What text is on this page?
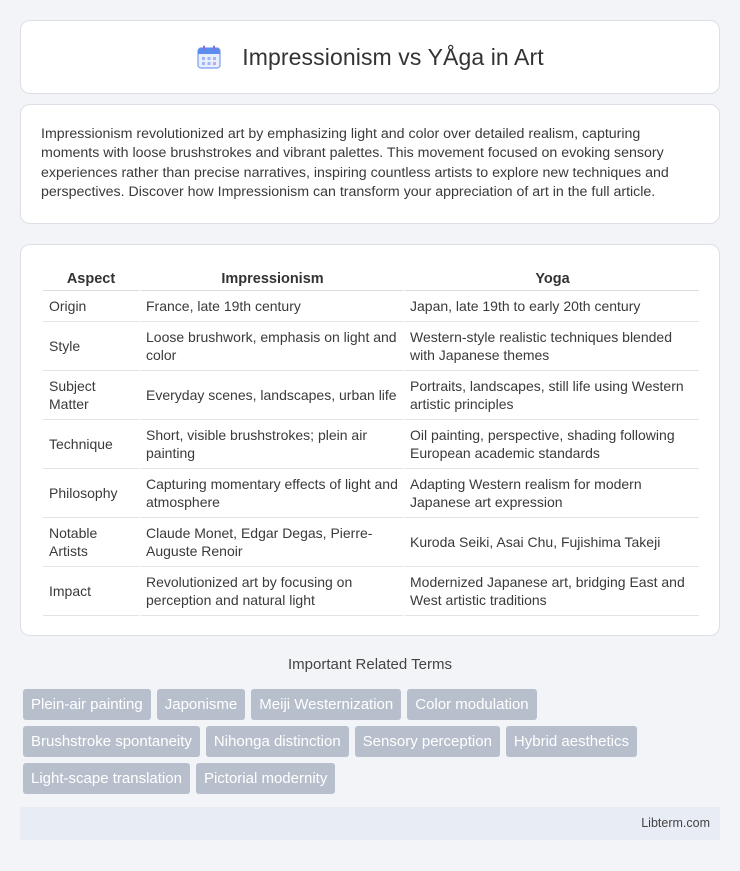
Impressionism vs YÅga in Art

Impressionism revolutionized art by emphasizing light and color over detailed realism, capturing moments with loose brushstrokes and vibrant palettes. This movement focused on evoking sensory experiences rather than precise narratives, inspiring countless artists to explore new techniques and perspectives. Discover how Impressionism can transform your appreciation of art in the full article.

Aspect	Impressionism	Yoga
Origin	France, late 19th century	Japan, late 19th to early 20th century
Style	Loose brushwork, emphasis on light and color	Western-style realistic techniques blended with Japanese themes
Subject Matter	Everyday scenes, landscapes, urban life	Portraits, landscapes, still life using Western artistic principles
Technique	Short, visible brushstrokes; plein air painting	Oil painting, perspective, shading following European academic standards
Philosophy	Capturing momentary effects of light and atmosphere	Adapting Western realism for modern Japanese art expression
Notable Artists	Claude Monet, Edgar Degas, Pierre-Auguste Renoir	Kuroda Seiki, Asai Chu, Fujishima Takeji
Impact	Revolutionized art by focusing on perception and natural light	Modernized Japanese art, bridging East and West artistic traditions
Important Related Terms
Plein-air painting	Japonisme	Meiji Westernization	Color modulation
Brushstroke spontaneity	Nihonga distinction	Sensory perception	Hybrid aesthetics
Light-scape translation	Pictorial modernity
Libterm.com
